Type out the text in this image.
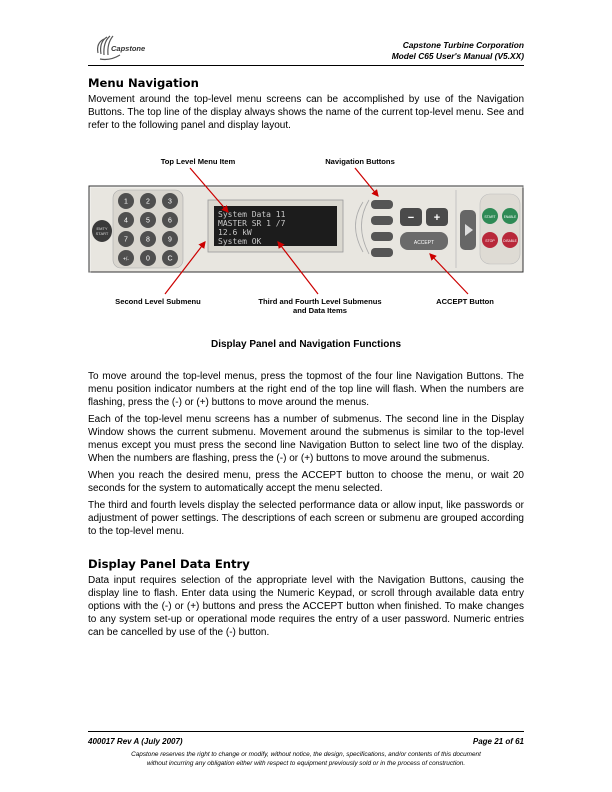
Capstone	Capstone Turbine Corporation
Model C65 User's Manual (V5.XX)
Menu Navigation

Movement around the top-level menu screens can be accomplished by use of the Navigation Buttons. The top line of the display always shows the name of the current top-level menu. See and refer to the following panel and display layout.

Top Level Menu Item	Navigation Buttons
EMTY
START
1	2	3
4	5	6
7	8	9
+/- 0	C
System Data 11
MASTER SR 1 /7
12.6 kW
System OK
− +
ACCEPT
START	ENABLE
STOP	DISABLE
Second Level Submenu	Third and Fourth Level Submenus
and Data Items
ACCEPT Button
Display Panel and Navigation Functions

To move around the top-level menus, press the topmost of the four line Navigation Buttons. The menu position indicator numbers at the right end of the top line will flash. When the numbers are flashing, press the (-) or (+) buttons to move around the menus.

Each of the top-level menu screens has a number of submenus. The second line in the Display Window shows the current submenu. Movement around the submenus is similar to the top-level menus except you must press the second line Navigation Button to select line two of the display. When the numbers are flashing, press the (-) or (+) buttons to move around the submenus.

When you reach the desired menu, press the ACCEPT button to choose the menu, or wait 20 seconds for the system to automatically accept the menu selected.

The third and fourth levels display the selected performance data or allow input, like passwords or adjustment of power settings. The descriptions of each screen or submenu are grouped according to the top-level menu.

Display Panel Data Entry

Data input requires selection of the appropriate level with the Navigation Buttons, causing the display line to flash. Enter data using the Numeric Keypad, or scroll through available data entry options with the (-) or (+) buttons and press the ACCEPT button when finished. To make changes to any system set-up or operational mode requires the entry of a user password. Numeric entries can be cancelled by use of the (-) button.

400017 Rev A (July 2007)	Page 21 of 61
Capstone reserves the right to change or modify, without notice, the design, specifications, and/or contents of this document
without incurring any obligation either with respect to equipment previously sold or in the process of construction.
